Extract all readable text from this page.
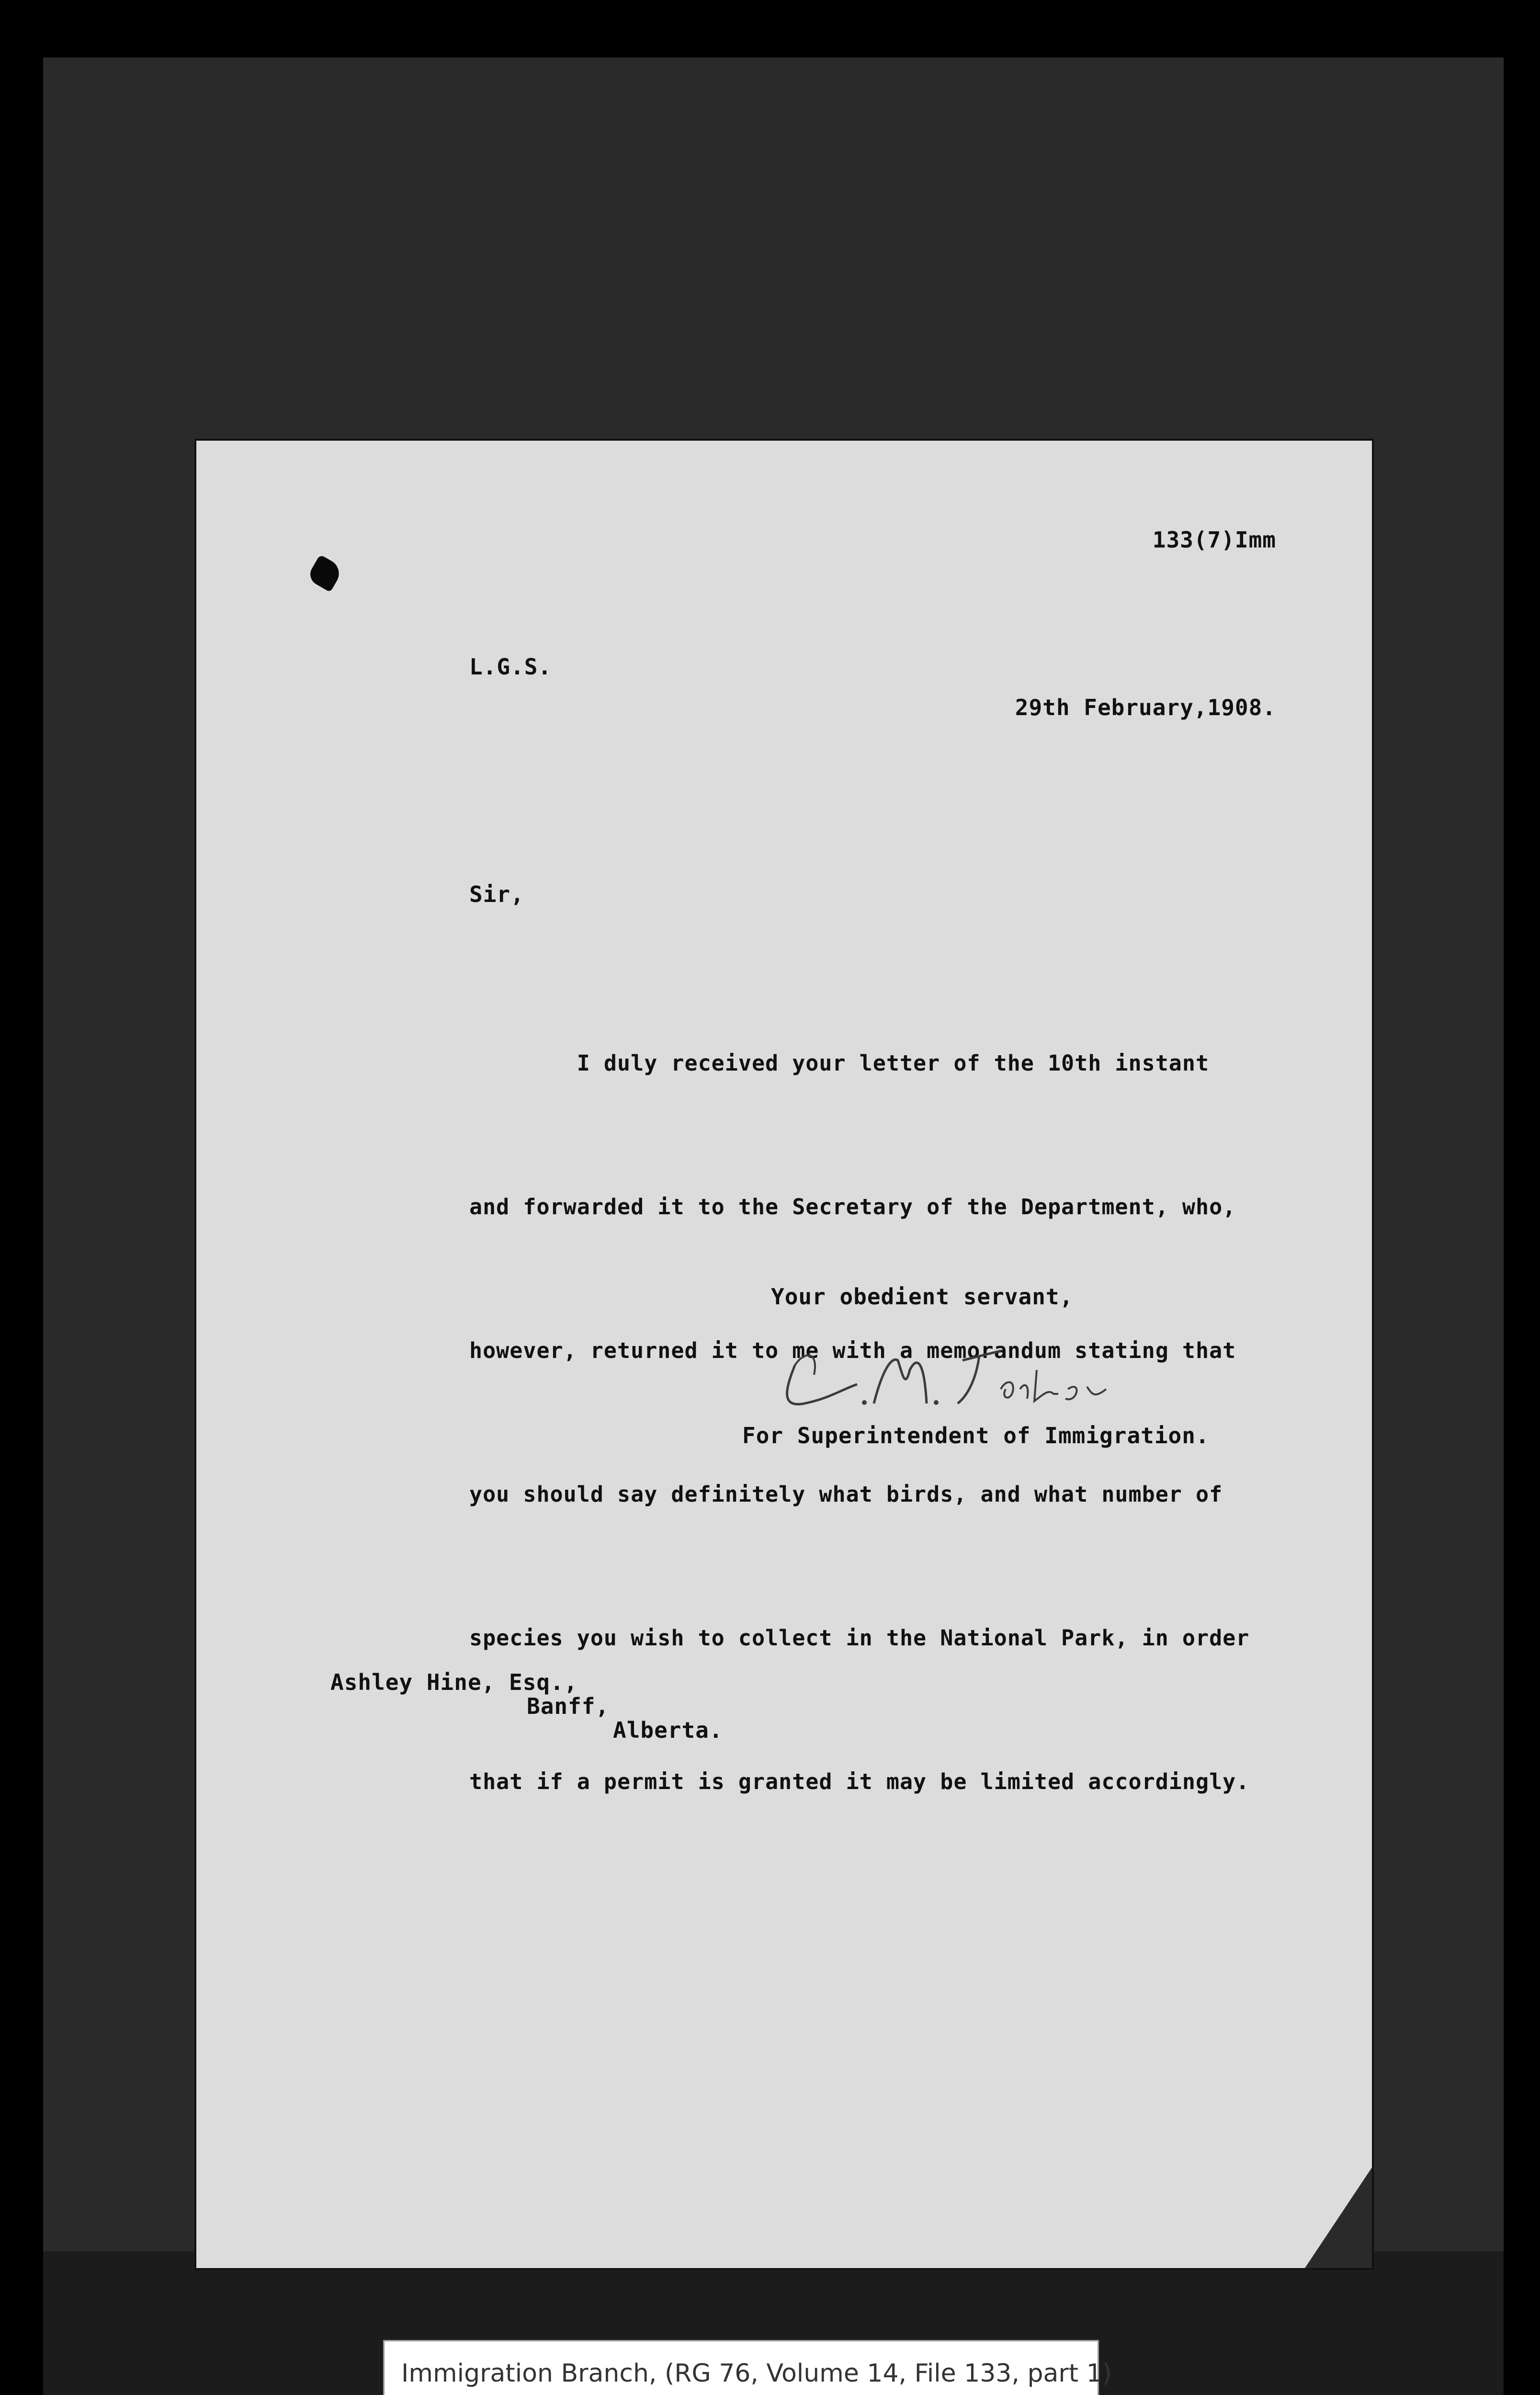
133(7)Imm
L.G.S.
29th February,1908.
Sir,

I duly received your letter of the 10th instant

and forwarded it to the Secretary of the Department, who,

however, returned it to me with a memorandum stating that

you should say definitely what birds, and what number of

species you wish to collect in the National Park, in order

that if a permit is granted it may be limited accordingly.

Your obedient servant,
For Superintendent of Immigration.
Ashley Hine, Esq.,
Banff,
Alberta.
Immigration Branch, (RG 76, Volume 14, File 133, part 1)
